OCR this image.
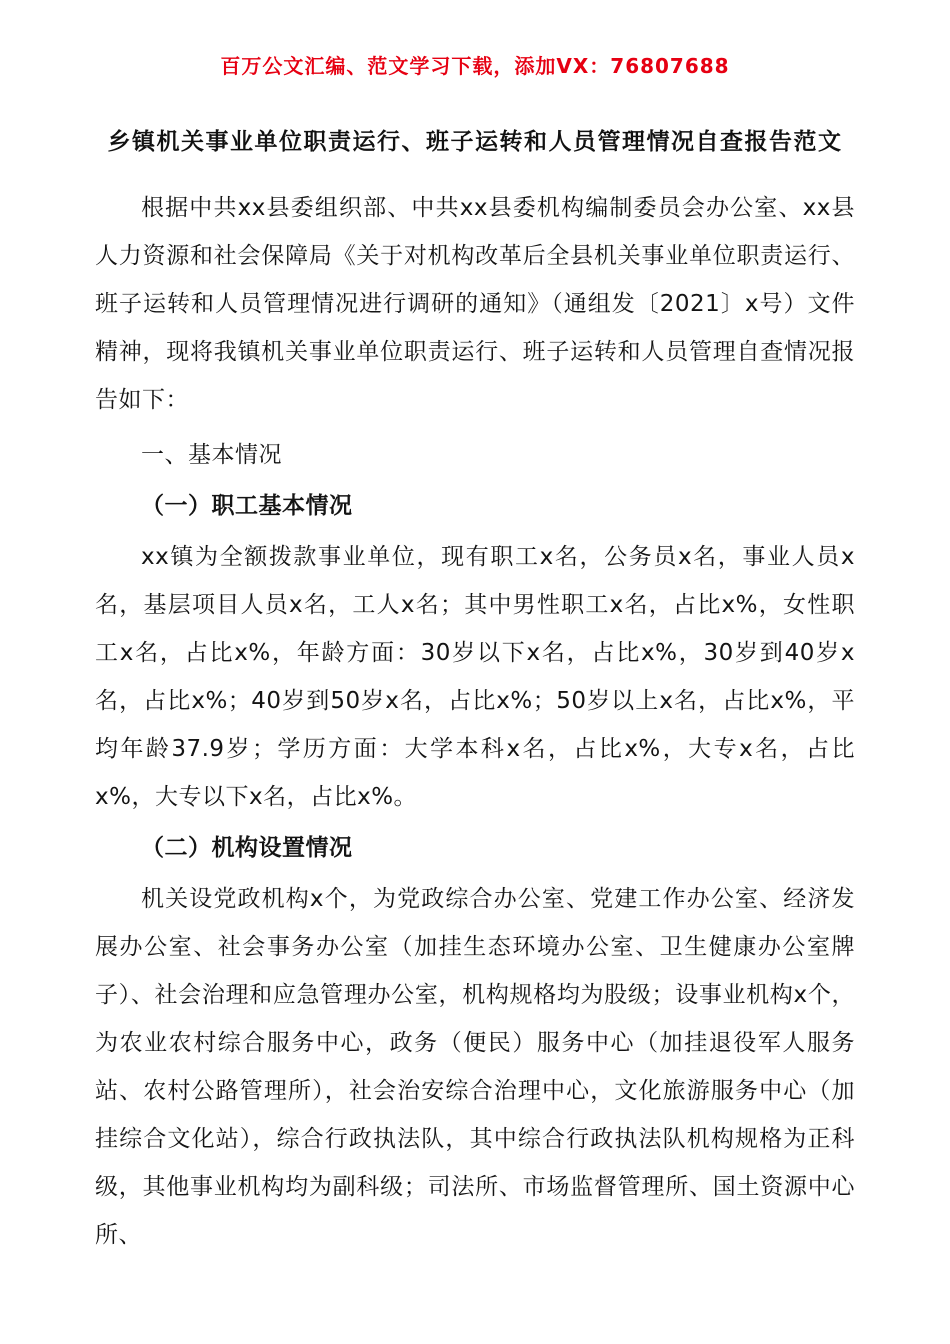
百万公文汇编、范文学习下载，添加VX：76807688
乡镇机关事业单位职责运行、班子运转和人员管理情况自查报告范文

根据中共xx县委组织部、中共xx县委机构编制委员会办公室、xx县人力资源和社会保障局《关于对机构改革后全县机关事业单位职责运行、班子运转和人员管理情况进行调研的通知》（通组发〔2021〕x号）文件精神，现将我镇机关事业单位职责运行、班子运转和人员管理自查情况报告如下：

一、基本情况

（一）职工基本情况

xx镇为全额拨款事业单位，现有职工x名，公务员x名，事业人员x名，基层项目人员x名，工人x名；其中男性职工x名，占比x%，女性职工x名，占比x%，年龄方面：30岁以下x名，占比x%，30岁到40岁x名，占比x%；40岁到50岁x名，占比x%；50岁以上x名，占比x%，平均年龄37.9岁；学历方面：大学本科x名，占比x%，大专x名，占比x%，大专以下x名，占比x%。

（二）机构设置情况

机关设党政机构x个，为党政综合办公室、党建工作办公室、经济发展办公室、社会事务办公室（加挂生态环境办公室、卫生健康办公室牌子）、社会治理和应急管理办公室，机构规格均为股级；设事业机构x个，为农业农村综合服务中心，政务（便民）服务中心（加挂退役军人服务站、农村公路管理所），社会治安综合治理中心，文化旅游服务中心（加挂综合文化站），综合行政执法队，其中综合行政执法队机构规格为正科级，其他事业机构均为副科级；司法所、市场监督管理所、国土资源中心所、
